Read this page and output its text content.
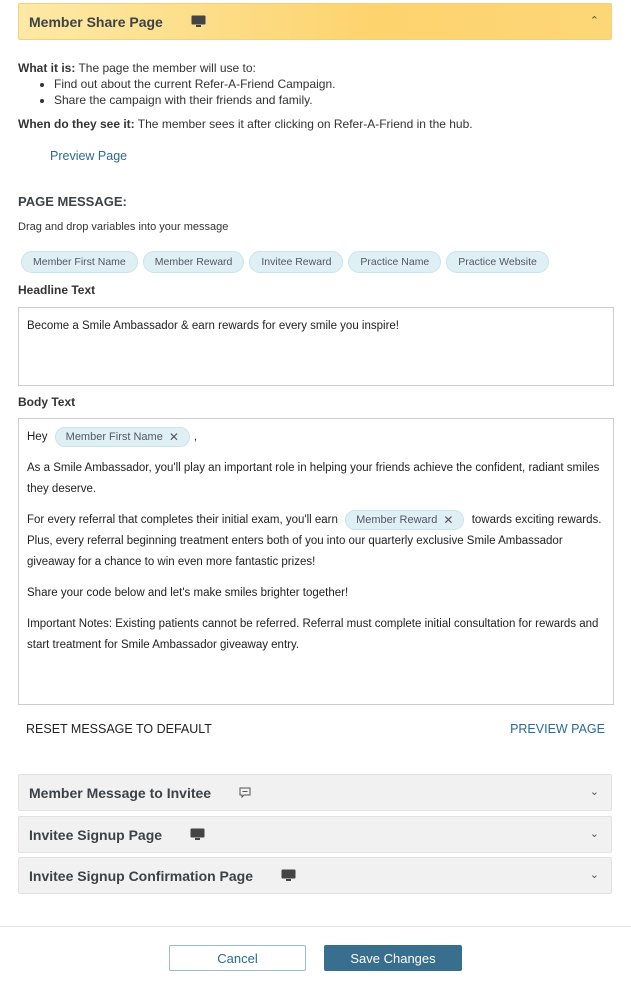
Member Share Page	⌃
What it is: The page the member will use to:
• Find out about the current Refer-A-Friend Campaign.
• Share the campaign with their friends and family.
When do they see it: The member sees it after clicking on Refer-A-Friend in the hub.
Preview Page
PAGE MESSAGE:
Drag and drop variables into your message
Member First Name	Member Reward	Invitee Reward	Practice Name	Practice Website
Headline Text
Become a Smile Ambassador & earn rewards for every smile you inspire!
Body Text
Hey Member First Name ✕ ,
As a Smile Ambassador, you'll play an important role in helping your friends achieve the confident, radiant smiles they deserve.
For every referral that completes their initial exam, you'll earn Member Reward ✕ towards exciting rewards. Plus, every referral beginning treatment enters both of you into our quarterly exclusive Smile Ambassador giveaway for a chance to win even more fantastic prizes!
Share your code below and let's make smiles brighter together!
Important Notes: Existing patients cannot be referred. Referral must complete initial consultation for rewards and start treatment for Smile Ambassador giveaway entry.
RESET MESSAGE TO DEFAULT	PREVIEW PAGE
Member Message to Invitee	⌄
Invitee Signup Page	⌄
Invitee Signup Confirmation Page	⌄
Cancel	Save Changes
